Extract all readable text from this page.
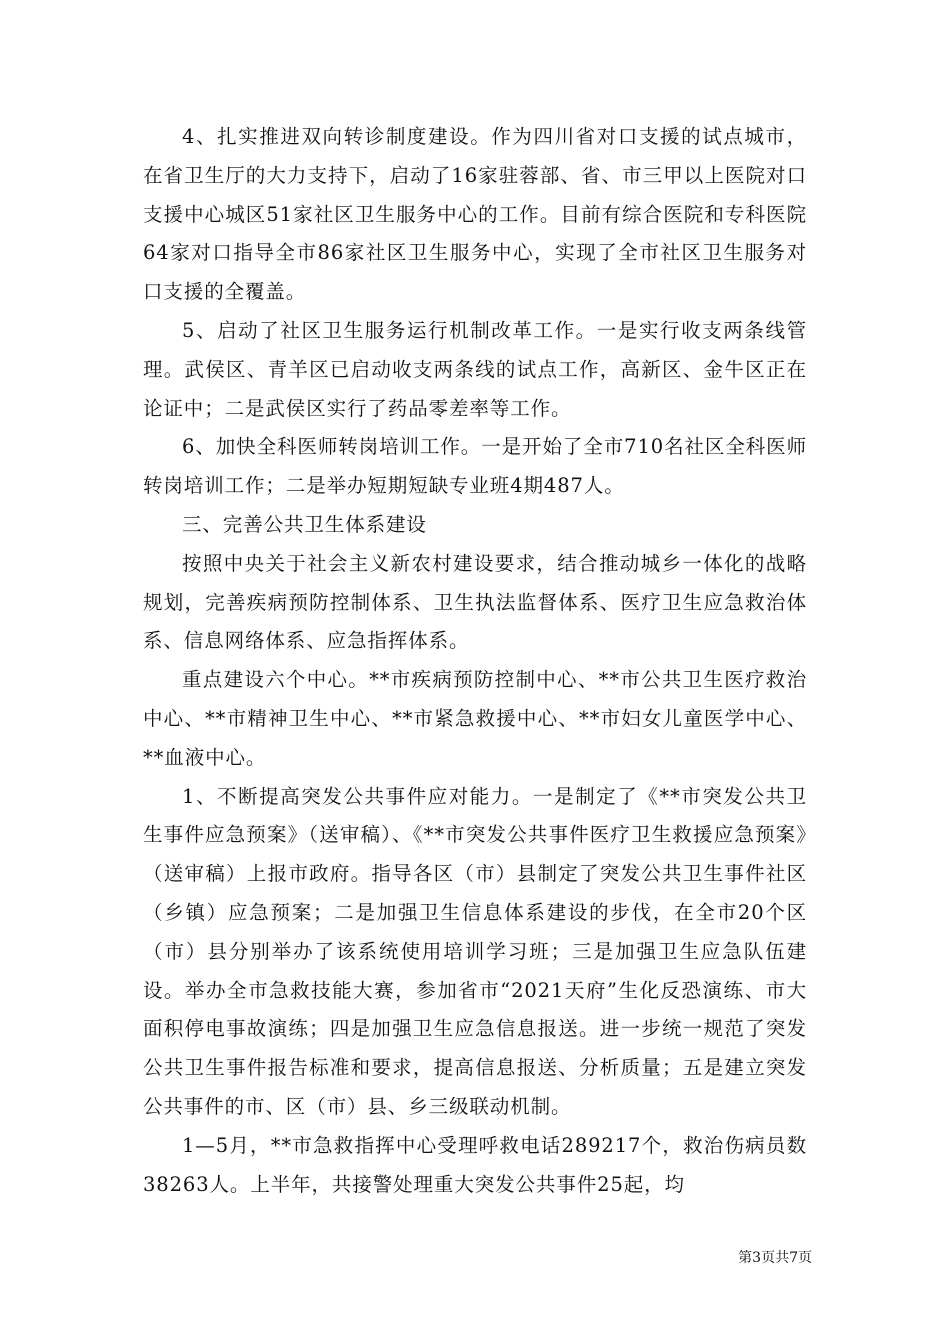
4、扎实推进双向转诊制度建设。作为四川省对口支援的试点城市，在省卫生厅的大力支持下，启动了16家驻蓉部、省、市三甲以上医院对口支援中心城区51家社区卫生服务中心的工作。目前有综合医院和专科医院64家对口指导全市86家社区卫生服务中心，实现了全市社区卫生服务对口支援的全覆盖。

5、启动了社区卫生服务运行机制改革工作。一是实行收支两条线管理。武侯区、青羊区已启动收支两条线的试点工作，高新区、金牛区正在论证中；二是武侯区实行了药品零差率等工作。

6、加快全科医师转岗培训工作。一是开始了全市710名社区全科医师转岗培训工作；二是举办短期短缺专业班4期487人。

三、完善公共卫生体系建设

按照中央关于社会主义新农村建设要求，结合推动城乡一体化的战略规划，完善疾病预防控制体系、卫生执法监督体系、医疗卫生应急救治体系、信息网络体系、应急指挥体系。

重点建设六个中心。**市疾病预防控制中心、**市公共卫生医疗救治中心、**市精神卫生中心、**市紧急救援中心、**市妇女儿童医学中心、**血液中心。

1、不断提高突发公共事件应对能力。一是制定了《**市突发公共卫生事件应急预案》（送审稿）、《**市突发公共事件医疗卫生救援应急预案》（送审稿）上报市政府。指导各区（市）县制定了突发公共卫生事件社区（乡镇）应急预案；二是加强卫生信息体系建设的步伐，在全市20个区（市）县分别举办了该系统使用培训学习班；三是加强卫生应急队伍建设。举办全市急救技能大赛，参加省市“2021天府”生化反恐演练、市大面积停电事故演练；四是加强卫生应急信息报送。进一步统一规范了突发公共卫生事件报告标准和要求，提高信息报送、分析质量；五是建立突发公共事件的市、区（市）县、乡三级联动机制。

1—5月，**市急救指挥中心受理呼救电话289217个，救治伤病员数38263人。上半年，共接警处理重大突发公共事件25起，均

第3页共7页
